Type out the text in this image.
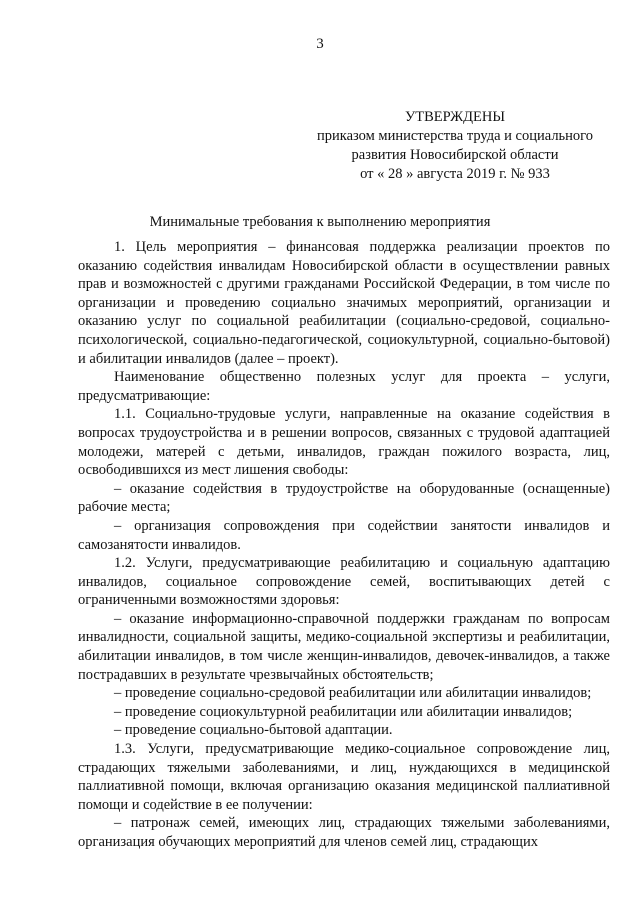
3
УТВЕРЖДЕНЫ
приказом министерства труда и социального
развития Новосибирской области
от « 28 » августа 2019 г. № 933
Минимальные требования к выполнению мероприятия

1. Цель мероприятия – финансовая поддержка реализации проектов по оказанию содействия инвалидам Новосибирской области в осуществлении равных прав и возможностей с другими гражданами Российской Федерации, в том числе по организации и проведению социально значимых мероприятий, организации и оказанию услуг по социальной реабилитации (социально-средовой, социально-психологической, социально-педагогической, социокультурной, социально-бытовой) и абилитации инвалидов (далее – проект).

Наименование общественно полезных услуг для проекта – услуги, предусматривающие:

1.1. Социально-трудовые услуги, направленные на оказание содействия в вопросах трудоустройства и в решении вопросов, связанных с трудовой адаптацией молодежи, матерей с детьми, инвалидов, граждан пожилого возраста, лиц, освободившихся из мест лишения свободы:

– оказание содействия в трудоустройстве на оборудованные (оснащенные) рабочие места;

– организация сопровождения при содействии занятости инвалидов и самозанятости инвалидов.

1.2. Услуги, предусматривающие реабилитацию и социальную адаптацию инвалидов, социальное сопровождение семей, воспитывающих детей с ограниченными возможностями здоровья:

– оказание информационно-справочной поддержки гражданам по вопросам инвалидности, социальной защиты, медико-социальной экспертизы и реабилитации, абилитации инвалидов, в том числе женщин-инвалидов, девочек-инвалидов, а также пострадавших в результате чрезвычайных обстоятельств;

– проведение социально-средовой реабилитации или абилитации инвалидов;

– проведение социокультурной реабилитации или абилитации инвалидов;

– проведение социально-бытовой адаптации.

1.3. Услуги, предусматривающие медико-социальное сопровождение лиц, страдающих тяжелыми заболеваниями, и лиц, нуждающихся в медицинской паллиативной помощи, включая организацию оказания медицинской паллиативной помощи и содействие в ее получении:

– патронаж семей, имеющих лиц, страдающих тяжелыми заболеваниями, организация обучающих мероприятий для членов семей лиц, страдающих
